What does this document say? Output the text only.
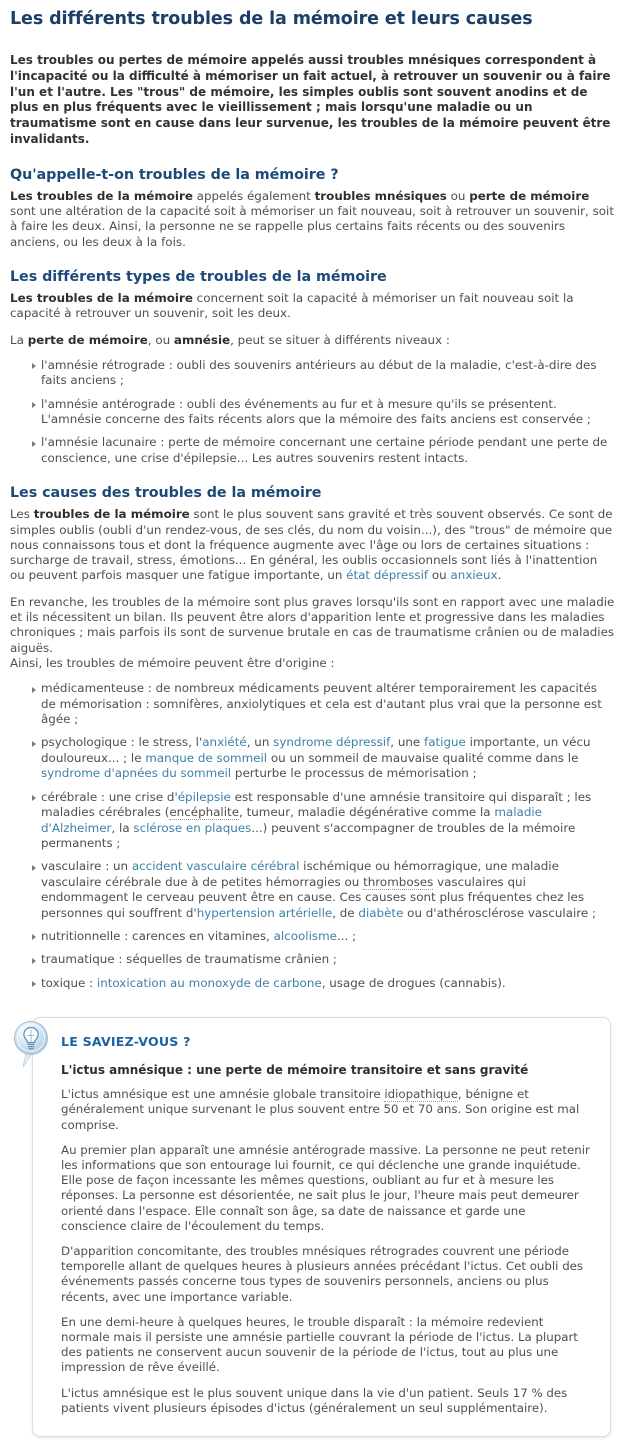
Les différents troubles de la mémoire et leurs causes

Les troubles ou pertes de mémoire appelés aussi troubles mnésiques correspondent à l'incapacité ou la difficulté à mémoriser un fait actuel, à retrouver un souvenir ou à faire l'un et l'autre. Les "trous" de mémoire, les simples oublis sont souvent anodins et de plus en plus fréquents avec le vieillissement ; mais lorsqu'une maladie ou un traumatisme sont en cause dans leur survenue, les troubles de la mémoire peuvent être invalidants.

Qu'appelle-t-on troubles de la mémoire ?

Les troubles de la mémoire appelés également troubles mnésiques ou perte de mémoire sont une altération de la capacité soit à mémoriser un fait nouveau, soit à retrouver un souvenir, soit à faire les deux. Ainsi, la personne ne se rappelle plus certains faits récents ou des souvenirs anciens, ou les deux à la fois.

Les différents types de troubles de la mémoire

Les troubles de la mémoire concernent soit la capacité à mémoriser un fait nouveau soit la capacité à retrouver un souvenir, soit les deux.

La perte de mémoire, ou amnésie, peut se situer à différents niveaux :

l'amnésie rétrograde : oubli des souvenirs antérieurs au début de la maladie, c'est-à-dire des faits anciens ;
l'amnésie antérograde : oubli des événements au fur et à mesure qu'ils se présentent. L'amnésie concerne des faits récents alors que la mémoire des faits anciens est conservée ;
l'amnésie lacunaire : perte de mémoire concernant une certaine période pendant une perte de conscience, une crise d'épilepsie... Les autres souvenirs restent intacts.
Les causes des troubles de la mémoire

Les troubles de la mémoire sont le plus souvent sans gravité et très souvent observés. Ce sont de simples oublis (oubli d'un rendez-vous, de ses clés, du nom du voisin...), des "trous" de mémoire que nous connaissons tous et dont la fréquence augmente avec l'âge ou lors de certaines situations : surcharge de travail, stress, émotions... En général, les oublis occasionnels sont liés à l'inattention ou peuvent parfois masquer une fatigue importante, un état dépressif ou anxieux.

En revanche, les troubles de la mémoire sont plus graves lorsqu'ils sont en rapport avec une maladie et ils nécessitent un bilan. Ils peuvent être alors d'apparition lente et progressive dans les maladies chroniques ; mais parfois ils sont de survenue brutale en cas de traumatisme crânien ou de maladies aiguës.

Ainsi, les troubles de mémoire peuvent être d'origine :

médicamenteuse : de nombreux médicaments peuvent altérer temporairement les capacités de mémorisation : somnifères, anxiolytiques et cela est d'autant plus vrai que la personne est âgée ;
psychologique : le stress, l'anxiété, un syndrome dépressif, une fatigue importante, un vécu douloureux... ; le manque de sommeil ou un sommeil de mauvaise qualité comme dans le syndrome d'apnées du sommeil perturbe le processus de mémorisation ;
cérébrale : une crise d'épilepsie est responsable d'une amnésie transitoire qui disparaît ; les maladies cérébrales (encéphalite, tumeur, maladie dégénérative comme la maladie d'Alzheimer, la sclérose en plaques...) peuvent s'accompagner de troubles de la mémoire permanents ;
vasculaire : un accident vasculaire cérébral ischémique ou hémorragique, une maladie vasculaire cérébrale due à de petites hémorragies ou thromboses vasculaires qui endommagent le cerveau peuvent être en cause. Ces causes sont plus fréquentes chez les personnes qui souffrent d'hypertension artérielle, de diabète ou d'athérosclérose vasculaire ;
nutritionnelle : carences en vitamines, alcoolisme... ;
traumatique : séquelles de traumatisme crânien ;
toxique : intoxication au monoxyde de carbone, usage de drogues (cannabis).
LE SAVIEZ-VOUS ?
L'ictus amnésique : une perte de mémoire transitoire et sans gravité

L'ictus amnésique est une amnésie globale transitoire idiopathique, bénigne et généralement unique survenant le plus souvent entre 50 et 70 ans. Son origine est mal comprise.

Au premier plan apparaît une amnésie antérograde massive. La personne ne peut retenir les informations que son entourage lui fournit, ce qui déclenche une grande inquiétude. Elle pose de façon incessante les mêmes questions, oubliant au fur et à mesure les réponses. La personne est désorientée, ne sait plus le jour, l'heure mais peut demeurer orienté dans l'espace. Elle connaît son âge, sa date de naissance et garde une conscience claire de l'écoulement du temps.

D'apparition concomitante, des troubles mnésiques rétrogrades couvrent une période temporelle allant de quelques heures à plusieurs années précédant l'ictus. Cet oubli des événements passés concerne tous types de souvenirs personnels, anciens ou plus récents, avec une importance variable.

En une demi-heure à quelques heures, le trouble disparaît : la mémoire redevient normale mais il persiste une amnésie partielle couvrant la période de l'ictus. La plupart des patients ne conservent aucun souvenir de la période de l'ictus, tout au plus une impression de rêve éveillé.

L'ictus amnésique est le plus souvent unique dans la vie d'un patient. Seuls 17 % des patients vivent plusieurs épisodes d'ictus (généralement un seul supplémentaire).
